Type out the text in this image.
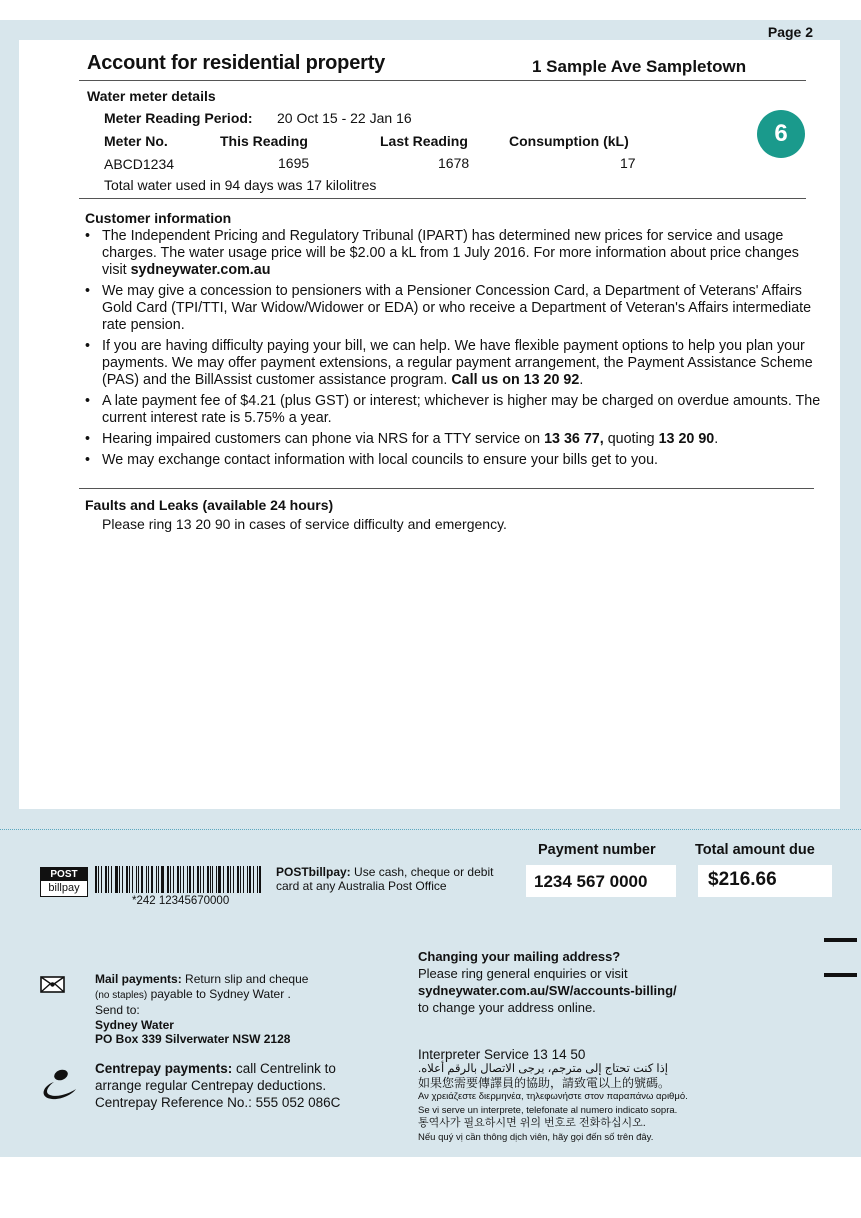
Page 2
Account for residential property	1 Sample Ave Sampletown
Water meter details
Meter Reading Period: 20 Oct 15 - 22 Jan 16
Meter No.	This Reading	Last Reading	Consumption (kL)
ABCD1234	1695	1678	17
Total water used in 94 days was 17 kilolitres
6
Customer information
• The Independent Pricing and Regulatory Tribunal (IPART) has determined new prices for service and usage charges. The water usage price will be $2.00 a kL from 1 July 2016. For more information about price changes visit sydneywater.com.au
• We may give a concession to pensioners with a Pensioner Concession Card, a Department of Veterans' Affairs Gold Card (TPI/TTI, War Widow/Widower or EDA) or who receive a Department of Veteran's Affairs intermediate rate pension.
• If you are having difficulty paying your bill, we can help. We have flexible payment options to help you plan your payments. We may offer payment extensions, a regular payment arrangement, the Payment Assistance Scheme (PAS) and the BillAssist customer assistance program. Call us on 13 20 92.
• A late payment fee of $4.21 (plus GST) or interest; whichever is higher may be charged on overdue amounts. The current interest rate is 5.75% a year.
• Hearing impaired customers can phone via NRS for a TTY service on 13 36 77, quoting 13 20 90.
• We may exchange contact information with local councils to ensure your bills get to you.
Faults and Leaks (available 24 hours)
Please ring 13 20 90 in cases of service difficulty and emergency.
Payment number
1234 567 0000
Total amount due
$216.66
POST
billpay
*242 12345670000
POSTbillpay: Use cash, cheque or debit
card at any Australia Post Office
Changing your mailing address?
Please ring general enquiries or visit
sydneywater.com.au/SW/accounts-billing/
to change your address online.
Mail payments: Return slip and cheque
(no staples) payable to Sydney Water .
Send to:
Sydney Water
PO Box 339 Silverwater NSW 2128
Centrepay payments: call Centrelink to
arrange regular Centrepay deductions.
Centrepay Reference No.: 555 052 086C
Interpreter Service 13 14 50
إذا كنت تحتاج إلى مترجم، يرجى الاتصال بالرقم أعلاه.
如果您需要傳譯員的協助，請致電以上的號碼。
Αν χρειάζεστε διερμηνέα, τηλεφωνήστε στον παραπάνω αριθμό.
Se vi serve un interprete, telefonate al numero indicato sopra.
통역사가 필요하시면 위의 번호로 전화하십시오.
Nếu quý vị cần thông dịch viên, hãy gọi đến số trên đây.
